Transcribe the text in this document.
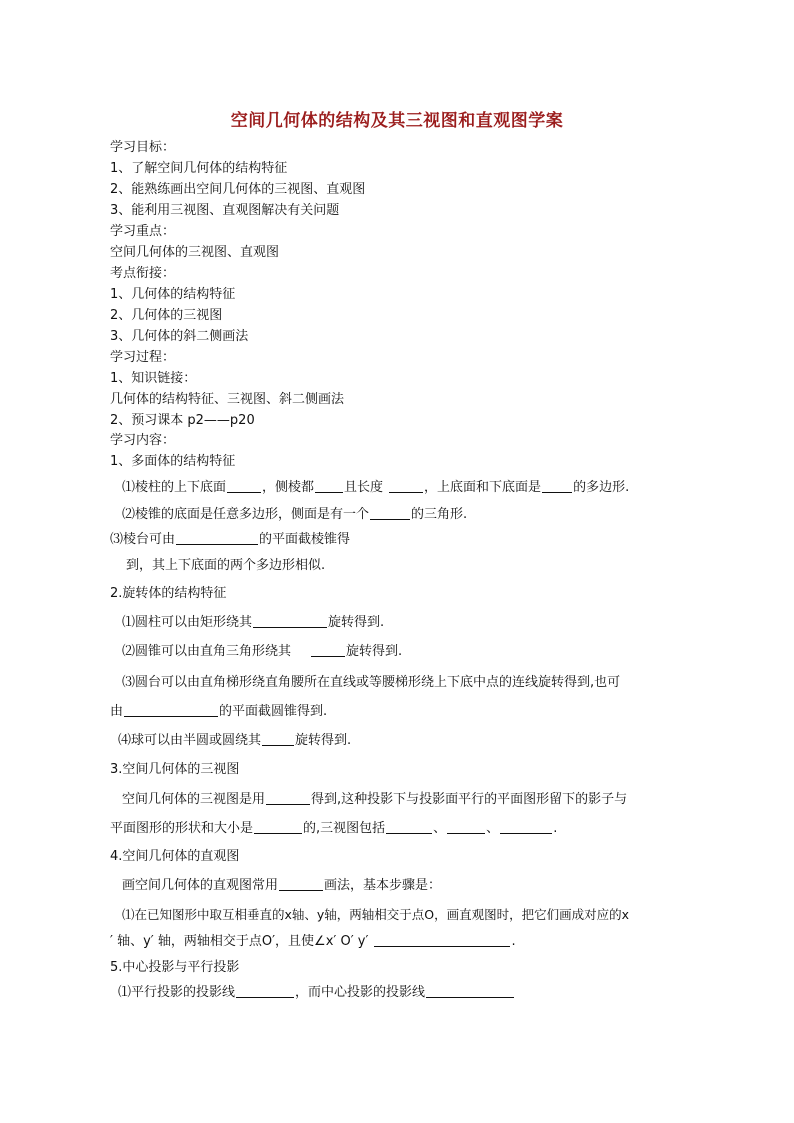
空间几何体的结构及其三视图和直观图学案
学习目标：
1、了解空间几何体的结构特征
2、能熟练画出空间几何体的三视图、直观图
3、能利用三视图、直观图解决有关问题
学习重点：
空间几何体的三视图、直观图
考点衔接：
1、几何体的结构特征
2、几何体的三视图
3、几何体的斜二侧画法
学习过程：
1、知识链接：
几何体的结构特征、三视图、斜二侧画法
2、预习课本 p2——p20
学习内容：
1、多面体的结构特征
⑴棱柱的上下底面	，侧棱都 且长度	，上底面和下底面是 的多边形.
⑵棱锥的底面是任意多边形，侧面是有一个	的三角形.
⑶棱台可由	的平面截棱锥得
到，其上下底面的两个多边形相似.
2.旋转体的结构特征
⑴圆柱可以由矩形绕其	旋转得到.
⑵圆锥可以由直角三角形绕其	旋转得到.
⑶圆台可以由直角梯形绕直角腰所在直线或等腰梯形绕上下底中点的连线旋转得到,也可
由	的平面截圆锥得到.
⑷球可以由半圆或圆绕其	旋转得到.
3.空间几何体的三视图
空间几何体的三视图是用	得到,这种投影下与投影面平行的平面图形留下的影子与
平面图形的形状和大小是	的,三视图包括	、	、	.
4.空间几何体的直观图
画空间几何体的直观图常用	画法，基本步骤是：
⑴在已知图形中取互相垂直的x轴、y轴，两轴相交于点O，画直观图时，把它们画成对应的x
′ 轴、y′ 轴，两轴相交于点O′，且使∠x′ O′ y′	.
5.中心投影与平行投影
⑴平行投影的投影线	，而中心投影的投影线
